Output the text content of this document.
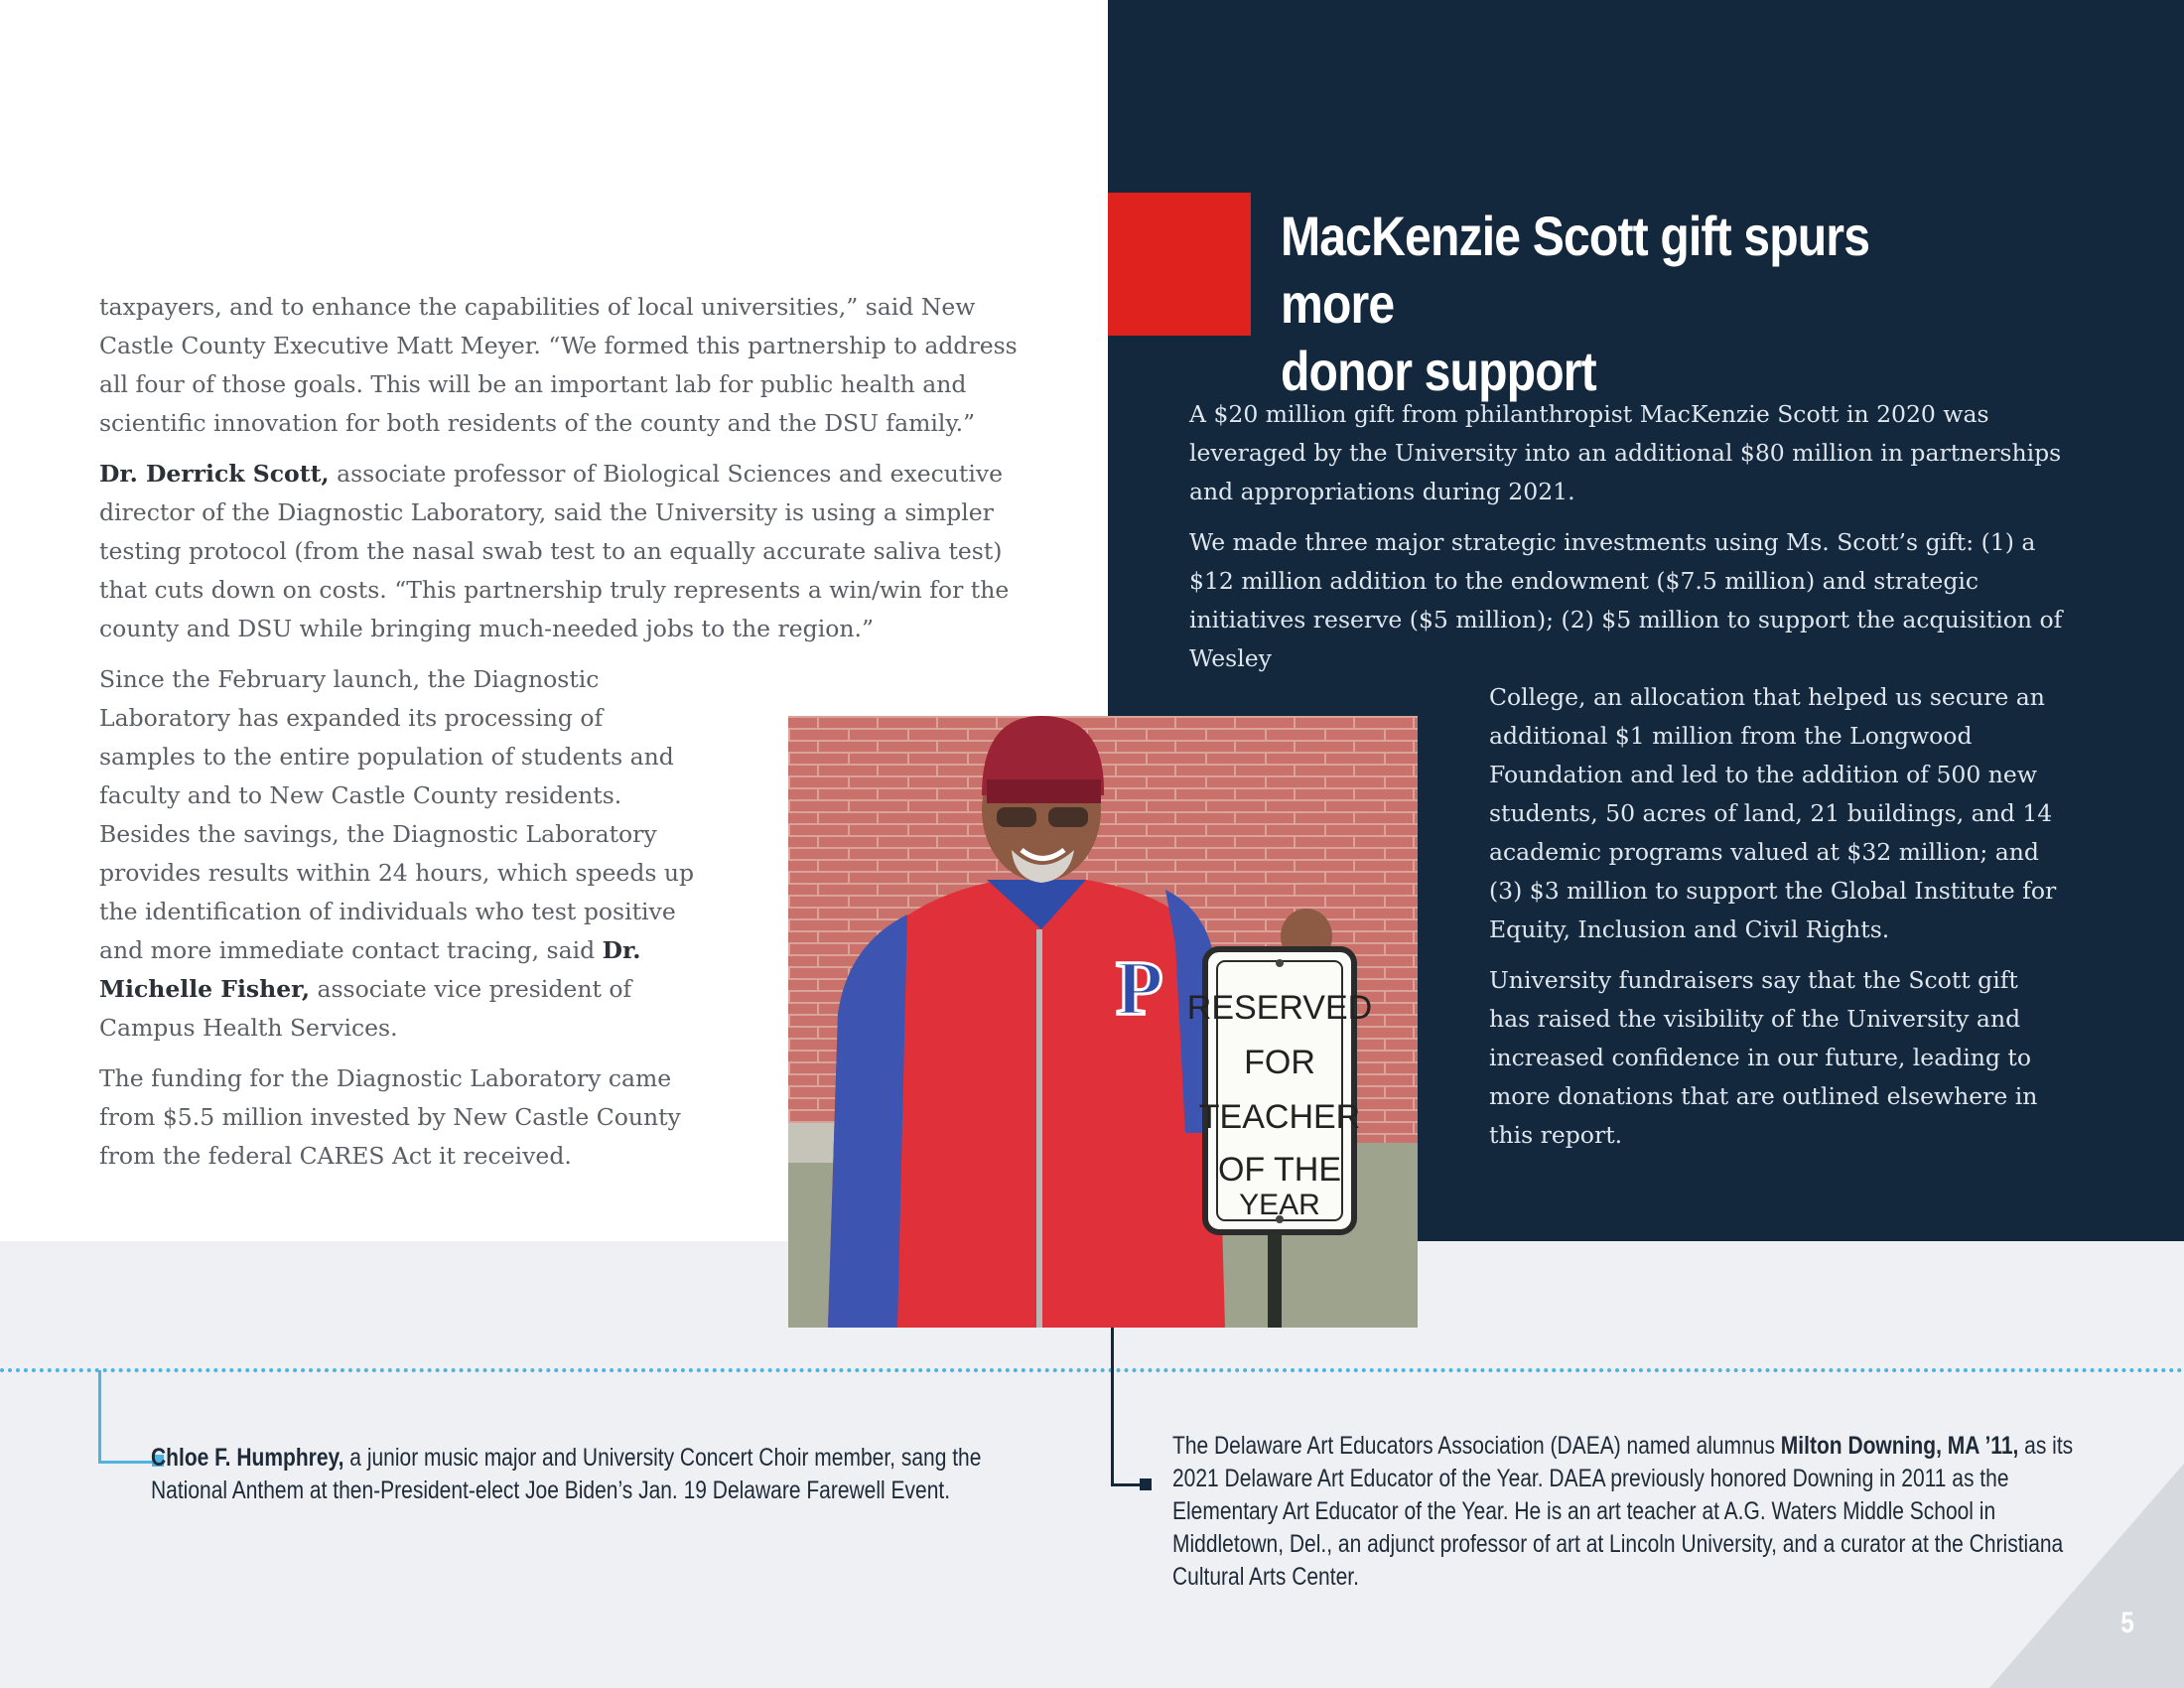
MacKenzie Scott gift spurs more
donor support

taxpayers, and to enhance the capabilities of local universities,” said New Castle County Executive Matt Meyer. “We formed this partnership to address all four of those goals. This will be an important lab for public health and scientific innovation for both residents of the county and the DSU family.”

Dr. Derrick Scott, associate professor of Biological Sciences and executive director of the Diagnostic Laboratory, said the University is using a simpler testing protocol (from the nasal swab test to an equally accurate saliva test) that cuts down on costs. “This partnership truly represents a win/win for the county and DSU while bringing much-needed jobs to the region.”

Since the February launch, the Diagnostic Laboratory has expanded its processing of samples to the entire population of students and faculty and to New Castle County residents. Besides the savings, the Diagnostic Laboratory provides results within 24 hours, which speeds up the identification of individuals who test positive and more immediate contact tracing, said Dr. Michelle Fisher, associate vice president of Campus Health Services.

The funding for the Diagnostic Laboratory came from $5.5 million invested by New Castle County from the federal CARES Act it received.

A $20 million gift from philanthropist MacKenzie Scott in 2020 was leveraged by the University into an additional $80 million in partnerships and appropriations during 2021.

We made three major strategic investments using Ms. Scott’s gift: (1) a $12 million addition to the endowment ($7.5 million) and strategic initiatives reserve ($5 million); (2) $5 million to support the acquisition of Wesley
College, an allocation that helped us secure an additional $1 million from the Longwood Foundation and led to the addition of 500 new students, 50 acres of land, 21 buildings, and 14 academic programs valued at $32 million; and (3) $3 million to support the Global Institute for Equity, Inclusion and Civil Rights.

University fundraisers say that the Scott gift has raised the visibility of the University and increased confidence in our future, leading to more donations that are outlined elsewhere in this report.

P RESERVED
FOR
TEACHER
OF THE
YEAR
Chloe F. Humphrey, a junior music major and University Concert Choir member, sang the National Anthem at then-President-elect Joe Biden’s Jan. 19 Delaware Farewell Event.
The Delaware Art Educators Association (DAEA) named alumnus Milton Downing, MA ’11, as its 2021 Delaware Art Educator of the Year. DAEA previously honored Downing in 2011 as the Elementary Art Educator of the Year. He is an art teacher at A.G. Waters Middle School in Middletown, Del., an adjunct professor of art at Lincoln University, and a curator at the Christiana Cultural Arts Center.
5
